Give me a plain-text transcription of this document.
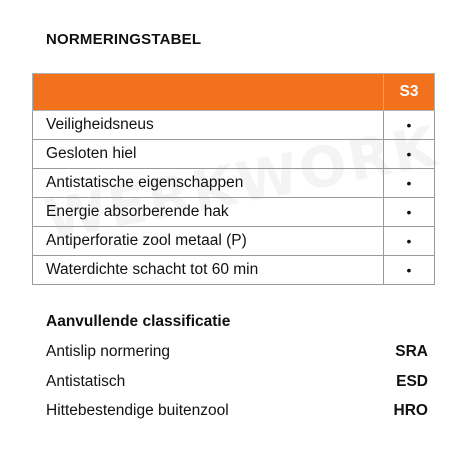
NORMERINGSTABEL
	S3
Veiligheidsneus	•
Gesloten hiel	•
Antistatische eigenschappen	•
Energie absorberende hak	•
Antiperforatie zool metaal (P)	•
Waterdichte schacht tot 60 min	•
Aanvullende classificatie
Antislip normering	SRA
Antistatisch	ESD
Hittebestendige buitenzool	HRO
